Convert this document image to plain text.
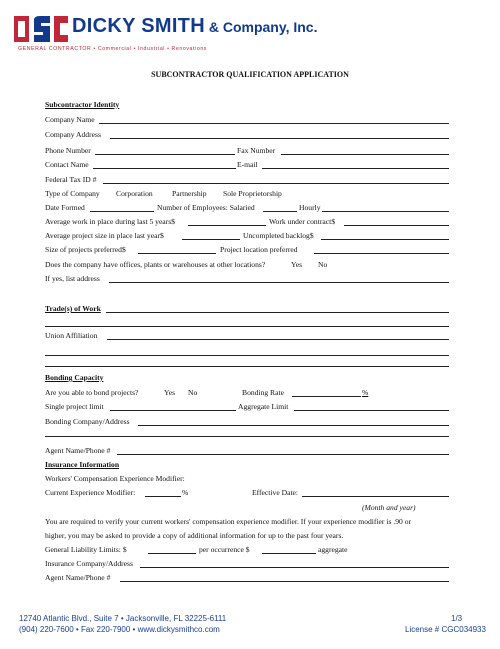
DICKY SMITH & Company, Inc.
GENERAL CONTRACTOR • Commercial • Industrial • Renovations
SUBCONTRACTOR QUALIFICATION APPLICATION
Subcontractor Identity
Company Name
Company Address
Phone Number	Fax Number
Contact Name	E-mail
Federal Tax ID #
Type of Company Corporation	Partnership Sole Proprietorship
Date Formed	Number of Employees: Salaried	Hourly
Average work in place during last 5 years$	Work under contract$
Average project size in place last year$	Uncompleted backlog$
Size of projects preferred$	Project location preferred
Does the company have offices, plants or warehouses at other locations?	Yes No
If yes, list address
Trade(s) of Work
Union Affiliation
Bonding Capacity
Are you able to bond projects?	Yes No	Bonding Rate	%
Single project limit	Aggregate Limit
Bonding Company/Address
Agent Name/Phone #
Insurance Information
Workers' Compensation Experience Modifier:
Current Experience Modifier:	%	Effective Date:
(Month and year)
You are required to verify your current workers' compensation experience modifier. If your experience modifier is .90 or
higher, you may be asked to provide a copy of additional information for up to the past four years.
General Liability Limits: $	per occurrence $	aggregate
Insurance Company/Address
Agent Name/Phone #
12740 Atlantic Blvd., Suite 7 • Jacksonville, FL 32225-6111
(904) 220-7600 • Fax 220-7900 • www.dickysmithco.com
1/3
License # CGC034933
